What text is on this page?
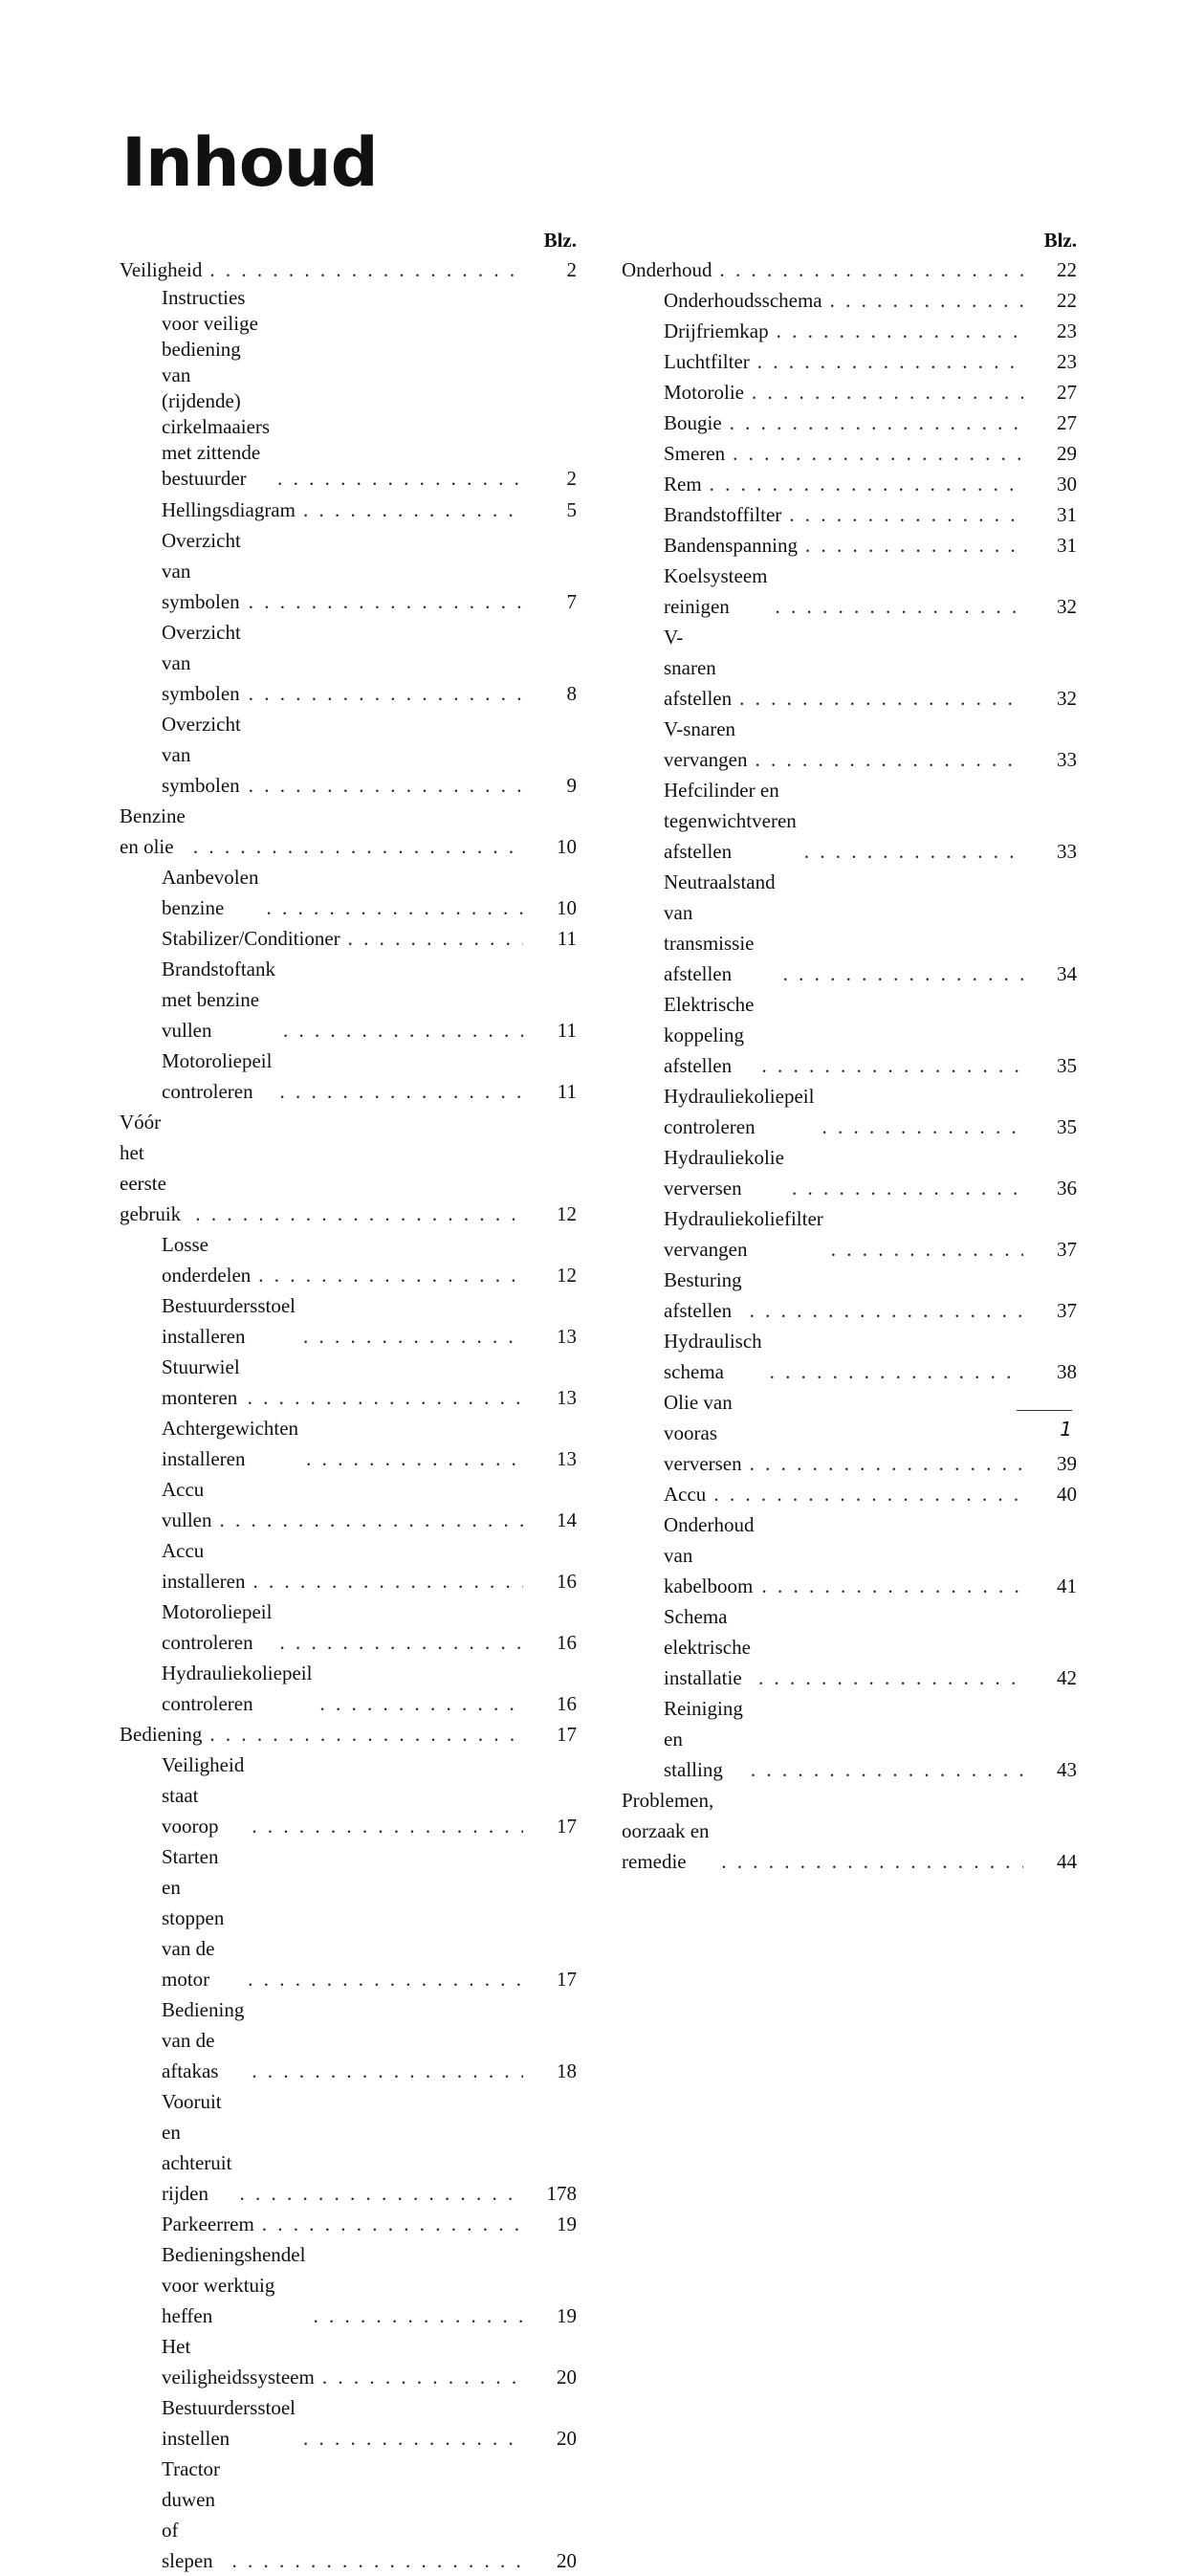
Inhoud
Blz.
Veiligheid . . .	2
Instructies voor veilige bediening van
(rijdende) cirkelmaaiers met zittende
bestuurder . . .	2
Hellingsdiagram . . .	5
Overzicht van symbolen . . .	7
Overzicht van symbolen . . .	8
Overzicht van symbolen . . .	9
Benzine en olie . . .	10
Aanbevolen benzine . . .	10
Stabilizer/Conditioner . . .	11
Brandstoftank met benzine vullen . . .	11
Motoroliepeil controleren . . .	11
Vóór het eerste gebruik . . .	12
Losse onderdelen . . .	12
Bestuurdersstoel installeren . . .	13
Stuurwiel monteren . . .	13
Achtergewichten installeren . . .	13
Accu vullen . . .	14
Accu installeren . . .	16
Motoroliepeil controleren . . .	16
Hydrauliekoliepeil controleren . . .	16
Bediening . . .	17
Veiligheid staat voorop . . .	17
Starten en stoppen van de motor . . .	17
Bediening van de aftakas . . .	18
Vooruit en achteruit rijden . . .	178
Parkeerrem . . .	19
Bedieningshendel voor werktuig heffen . . .	19
Het veiligheidssysteem . . .	20
Bestuurdersstoel instellen . . .	20
Tractor duwen of slepen . . .	20
Blz.
Onderhoud . . .	22
Onderhoudsschema . . .	22
Drijfriemkap . . .	23
Luchtfilter . . .	23
Motorolie . . .	27
Bougie . . .	27
Smeren . . .	29
Rem . . .	30
Brandstoffilter . . .	31
Bandenspanning . . .	31
Koelsysteem reinigen . . .	32
V-snaren afstellen . . .	32
V-snaren vervangen . . .	33
Hefcilinder en tegenwichtveren afstellen . . .	33
Neutraalstand van transmissie afstellen . . .	34
Elektrische koppeling afstellen . . .	35
Hydrauliekoliepeil controleren . . .	35
Hydrauliekolie verversen . . .	36
Hydrauliekoliefilter vervangen . . .	37
Besturing afstellen . . .	37
Hydraulisch schema . . .	38
Olie van vooras verversen . . .	39
Accu . . .	40
Onderhoud van kabelboom . . .	41
Schema elektrische installatie . . .	42
Reiniging en stalling . . .	43
Problemen, oorzaak en remedie . . .	44
1
